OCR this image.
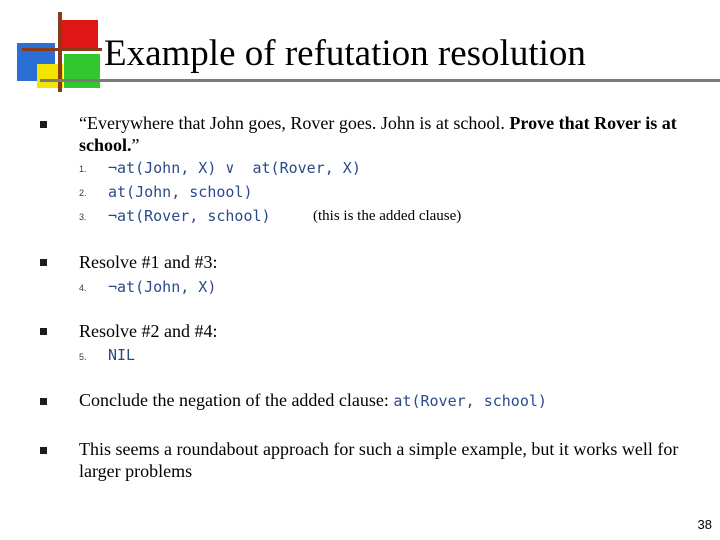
Example of refutation resolution
“Everywhere that John goes, Rover goes. John is at school. Prove that Rover is at school.”
1. ¬at(John, X) ∨  at(Rover, X)
2. at(John, school)
3. ¬at(Rover, school)	(this is the added clause)
Resolve #1 and #3:
4. ¬at(John, X)
Resolve #2 and #4:
5. NIL
Conclude the negation of the added clause: at(Rover, school)
This seems a roundabout approach for such a simple example, but it works well for larger problems
38
